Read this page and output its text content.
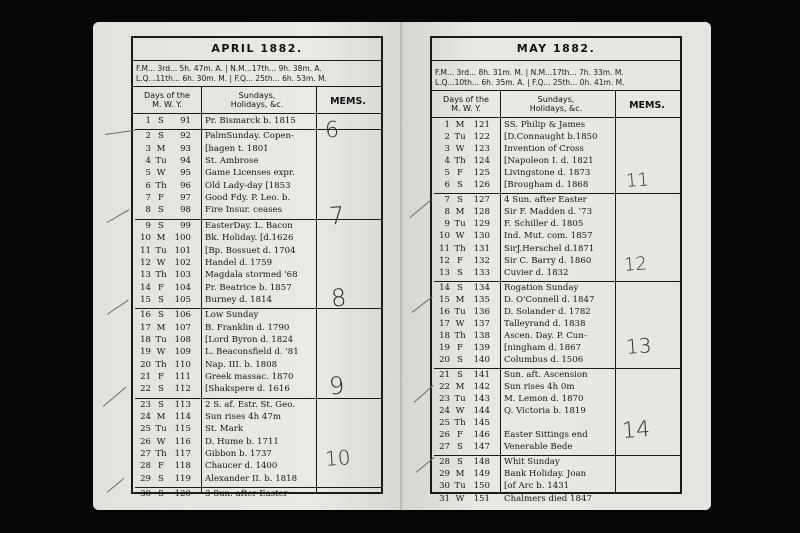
APRIL 1882.
F.M... 3rd... 5h. 47m. A. | N.M...17th... 9h. 38m. A.
L.Q...11th... 6h. 30m. M. | F.Q... 25th... 6h. 53m. M.
Days of the
M. W. Y.
Sundays,
Holidays, &c.	MEMS.
1 S	91 Pr. Bismarck b. 1815
2 S	92 PalmSunday. Copen-
3 M	93 [hagen t. 1801
4 Tu	94 St. Ambrose
5 W	95 Game Licenses expr.
6 Th	96 Old Lady-day [1853
7 F	97 Good Fdy. P. Leo. b.
8 S	98 Fire Insur. ceases
9 S	99 EasterDay. L. Bacon
10 M	100 Bk. Holiday. [d.1626
11 Tu 101 [Bp. Bossuet d. 1704
12 W 102 Handel d. 1759
13 Th 103 Magdala stormed '68
14 F	104 Pr. Beatrice b. 1857
15 S	105 Burney d. 1814
16 S	106 Low Sunday
17 M	107 B. Franklin d. 1790
18 Tu 108 [Lord Byron d. 1824
19 W 109 L. Beaconsfield d. '81
20 Th 110 Nap. III. b. 1808
21 F	111 Greek massac. 1870
22 S	112 [Shakspere d. 1616
23 S	113 2 S. af. Estr. St. Geo.
24 M	114 Sun rises 4h 47m
25 Tu 115 St. Mark
26 W 116 D. Hume b. 1711
27 Th 117 Gibbon b. 1737
28 F	118 Chaucer d. 1400
29 S	119 Alexander II. b. 1818
30 S	120 3 Sun. after Easter
6
7
8
9
10
MAY 1882.
F.M... 3rd... 8h. 31m. M. | N.M...17th... 7h. 33m. M.
L.Q...10th... 6h. 35m. A. | F.Q... 25th... 0h. 41m. M.
Days of the
M. W. Y.
Sundays,
Holidays, &c.	MEMS.
1 M	121 SS. Philip & James
2 Tu 122 [D.Connaught b.1850
3 W 123 Invention of Cross
4 Th 124 [Napoleon I. d. 1821
5 F	125 Livingstone d. 1873
6 S	126 [Brougham d. 1868
7 S	127 4 Sun. after Easter
8 M	128 Sir F. Madden d. '73
9 Tu 129 F. Schiller d. 1805
10 W 130 Ind. Mut. com. 1857
11 Th 131 SirJ.Herschel d.1871
12 F	132 Sir C. Barry d. 1860
13 S	133 Cuvier d. 1832
14 S	134 Rogation Sunday
15 M	135 D. O'Connell d. 1847
16 Tu 136 D. Solander d. 1782
17 W 137 Talleyrand d. 1838
18 Th 138 Ascen. Day. P. Cun-
19 F	139 [ningham d. 1867
20 S	140 Columbus d. 1506
21 S	141 Sun. aft. Ascension
22 M	142 Sun rises 4h 0m
23 Tu 143 M. Lemon d. 1870
24 W 144 Q. Victoria b. 1819
25 Th 145
26 F	146 Easter Sittings end
27 S	147 Venerable Bede
28 S	148 Whit Sunday
29 M	149 Bank Holiday. Joan
30 Tu 150 [of Arc b. 1431
31 W 151 Chalmers died 1847
11
12
13
14
